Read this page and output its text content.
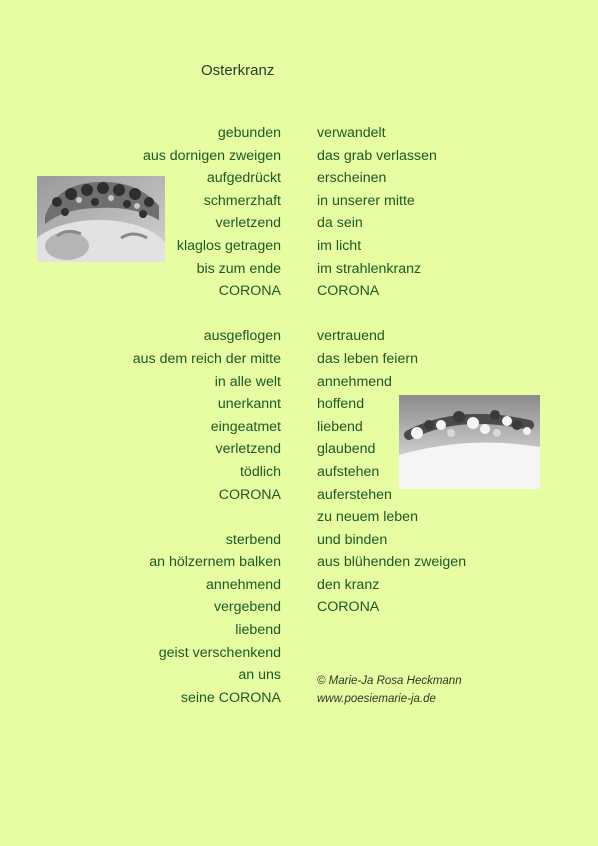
Osterkranz
gebunden
aus dornigen zweigen
aufgedrückt
schmerzhaft
verletzend
klaglos getragen
bis zum ende
CORONA
ausgeflogen
aus dem reich der mitte
in alle welt
unerkannt
eingeatmet
verletzend
tödlich
CORONA
sterbend
an hölzernem balken
annehmend
vergebend
liebend
geist verschenkend
an uns
seine CORONA
verwandelt
das grab verlassen
erscheinen
in unserer mitte
da sein
im licht
im strahlenkranz
CORONA
vertrauend
das leben feiern
annehmend
hoffend
liebend
glaubend
aufstehen
auferstehen
zu neuem leben
und binden
aus blühenden zweigen
den kranz
CORONA
© Marie-Ja Rosa Heckmann
www.poesiemarie-ja.de
